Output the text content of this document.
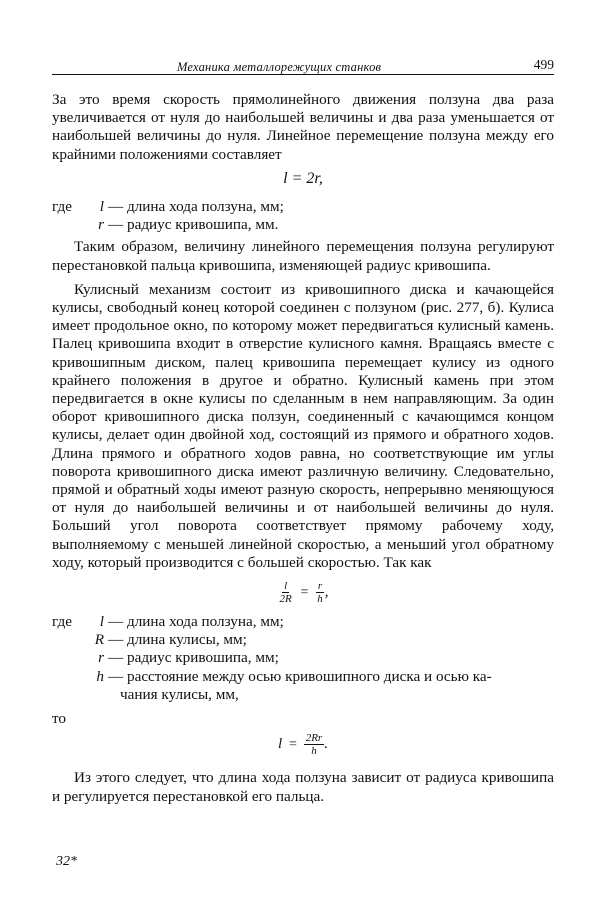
Механика металлорежущих станков	499

За это время скорость прямолинейного движения ползуна два раза увеличивается от нуля до наибольшей величины и два раза уменьшается от наибольшей величины до нуля. Линейное перемещение ползуна между его крайними положениями составляет

l = 2r,
где	l — длина хода ползуна, мм;
r — радиус кривошипа, мм.

Таким образом, величину линейного перемещения ползуна регулируют перестановкой пальца кривошипа, изменяющей радиус кривошипа.

Кулисный механизм состоит из кривошипного диска и качающейся кулисы, свободный конец которой соединен с ползуном (рис. 277, б). Кулиса имеет продольное окно, по которому может передвигаться кулисный камень. Палец кривошипа входит в отверстие кулисного камня. Вращаясь вместе с кривошипным диском, палец кривошипа перемещает кулису из одного крайнего положения в другое и обратно. Кулисный камень при этом передвигается в окне кулисы по сделанным в нем направляющим. За один оборот кривошипного диска ползун, соединенный с качающимся концом кулисы, делает один двойной ход, состоящий из прямого и обратного ходов. Длина прямого и обратного ходов равна, но соответствующие им углы поворота кривошипного диска имеют различную величину. Следовательно, прямой и обратный ходы имеют разную скорость, непрерывно меняющуюся от нуля до наибольшей величины и от наибольшей величины до нуля. Больший угол поворота соответствует прямому рабочему ходу, выполняемому с меньшей линейной скоростью, а меньший угол обратному ходу, который производится с большей скоростью. Так как

$\frac{l}{2R} = \frac{r}{h}$ ,
где	l — длина хода ползуна, мм;
R — длина кулисы, мм;
r — радиус кривошипа, мм;
h — расстояние между осью кривошипного диска и осью ка-
чания кулисы, мм,

то

$l = \frac{2Rr}{h}$ .

Из этого следует, что длина хода ползуна зависит от радиуса кривошипа и регулируется перестановкой его пальца.

32*
